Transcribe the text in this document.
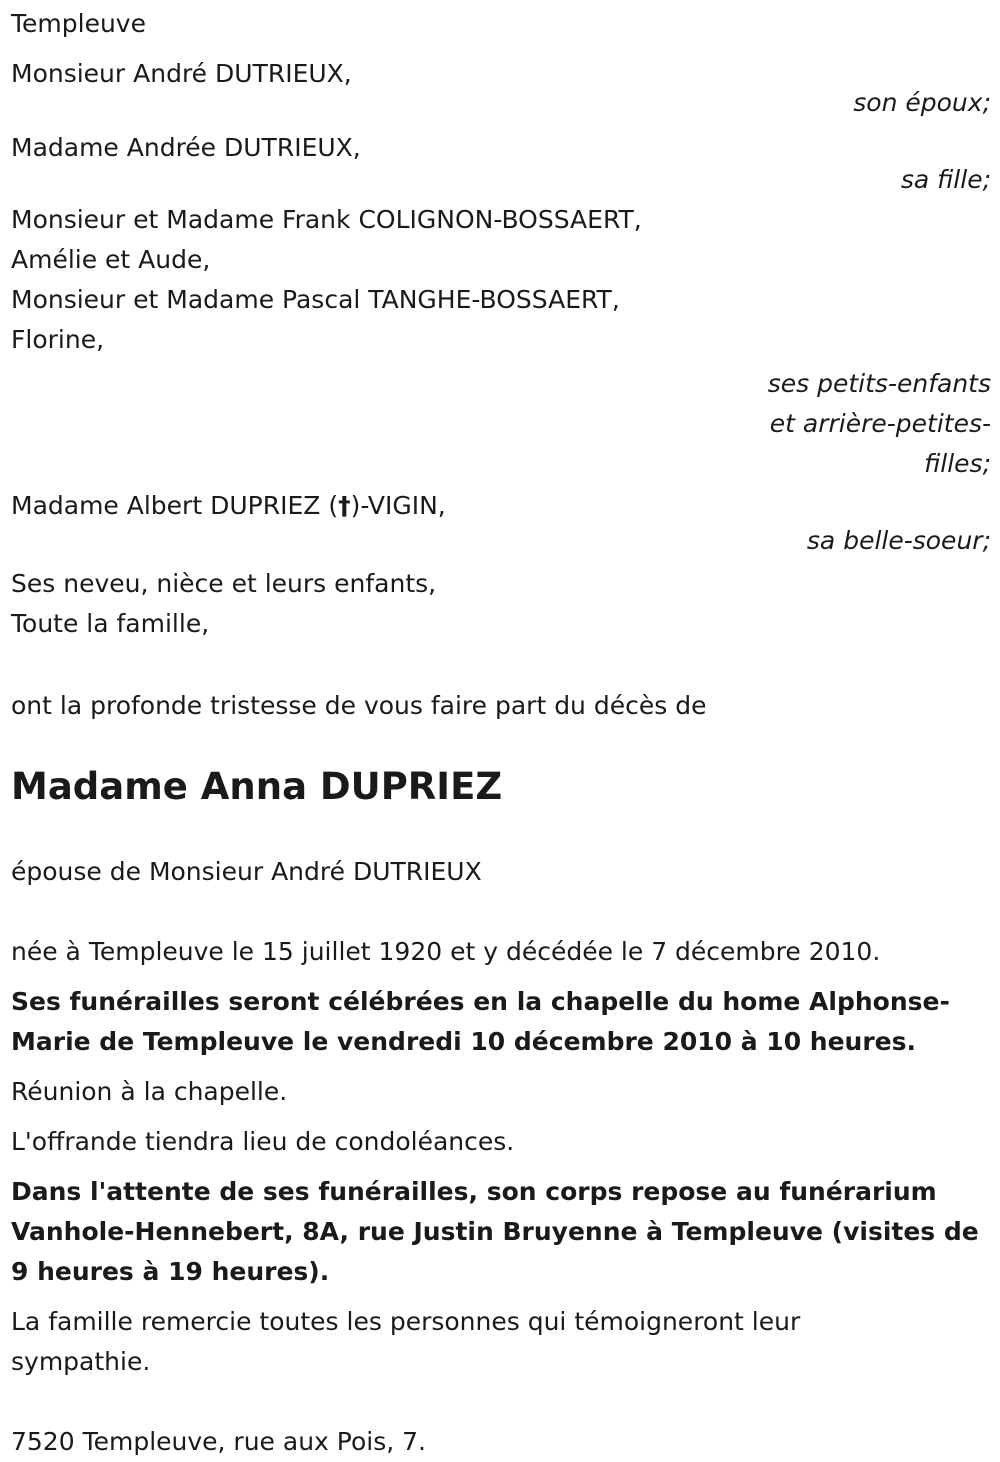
Templeuve

Monsieur André DUTRIEUX,

son époux;

Madame Andrée DUTRIEUX,

sa fille;

Monsieur et Madame Frank COLIGNON-BOSSAERT,

Amélie et Aude,

Monsieur et Madame Pascal TANGHE-BOSSAERT,

Florine,

ses petits-enfants

et arrière-petites-

filles;

Madame Albert DUPRIEZ (†)-VIGIN,

sa belle-soeur;

Ses neveu, nièce et leurs enfants,

Toute la famille,

ont la profonde tristesse de vous faire part du décès de

Madame Anna DUPRIEZ

épouse de Monsieur André DUTRIEUX

née à Templeuve le 15 juillet 1920 et y décédée le 7 décembre 2010.

Ses funérailles seront célébrées en la chapelle du home Alphonse-Marie de Templeuve le vendredi 10 décembre 2010 à 10 heures.

Réunion à la chapelle.

L'offrande tiendra lieu de condoléances.

Dans l'attente de ses funérailles, son corps repose au funérarium Vanhole-Hennebert, 8A, rue Justin Bruyenne à Templeuve (visites de 9 heures à 19 heures).

La famille remercie toutes les personnes qui témoigneront leur sympathie.

7520 Templeuve, rue aux Pois, 7.
